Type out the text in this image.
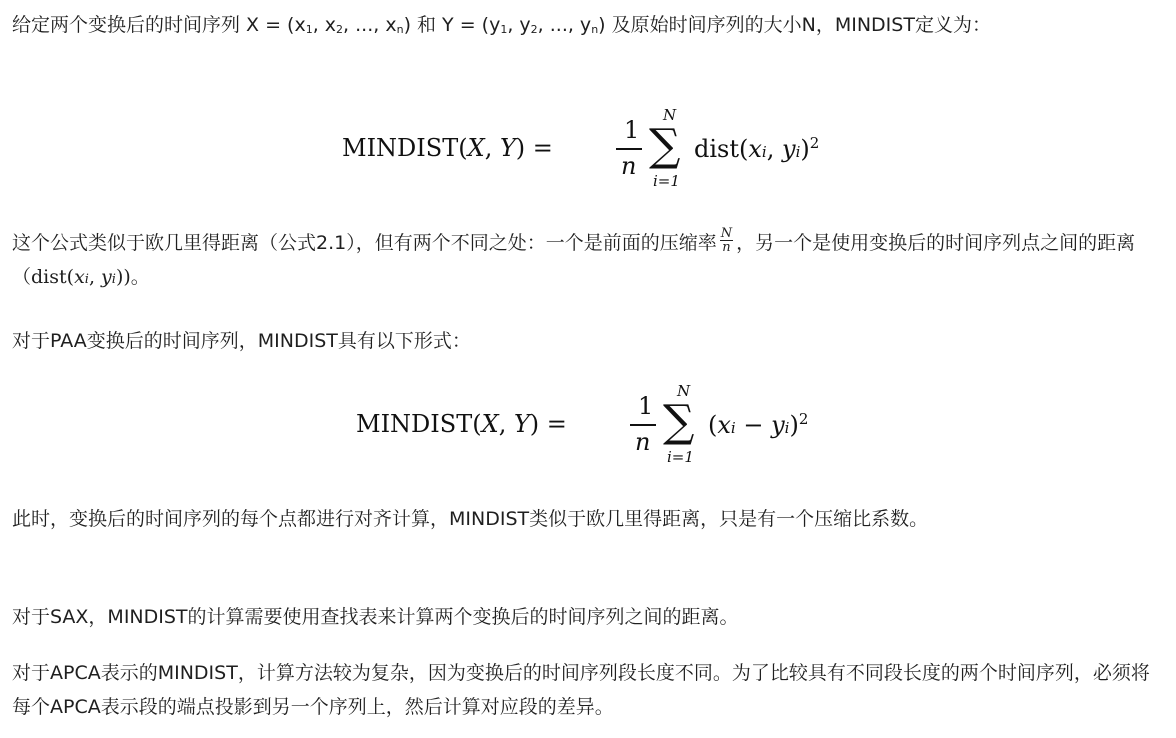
给定两个变换后的时间序列 X = (x1, x2, ..., xn) 和 Y = (y1, y2, ..., yn) 及原始时间序列的大小N，MINDIST定义为：

MINDIST(X, Y) =
1
n
N
∑
i=1
dist(xi, yi)$^2$

这个公式类似于欧几里得距离（公式2.1），但有两个不同之处：一个是前面的压缩率 $\frac{N}{n}$ ，另一个是使用变换后的时间序列点之间的距离（dist(xi, yi))。

对于PAA变换后的时间序列，MINDIST具有以下形式：

MINDIST(X, Y) =
1
n
N
∑
i=1
(xi − yi)$^2$

此时，变换后的时间序列的每个点都进行对齐计算，MINDIST类似于欧几里得距离，只是有一个压缩比系数。

对于SAX，MINDIST的计算需要使用查找表来计算两个变换后的时间序列之间的距离。

对于APCA表示的MINDIST，计算方法较为复杂，因为变换后的时间序列段长度不同。为了比较具有不同段长度的两个时间序列，必须将每个APCA表示段的端点投影到另一个序列上，然后计算对应段的差异。
